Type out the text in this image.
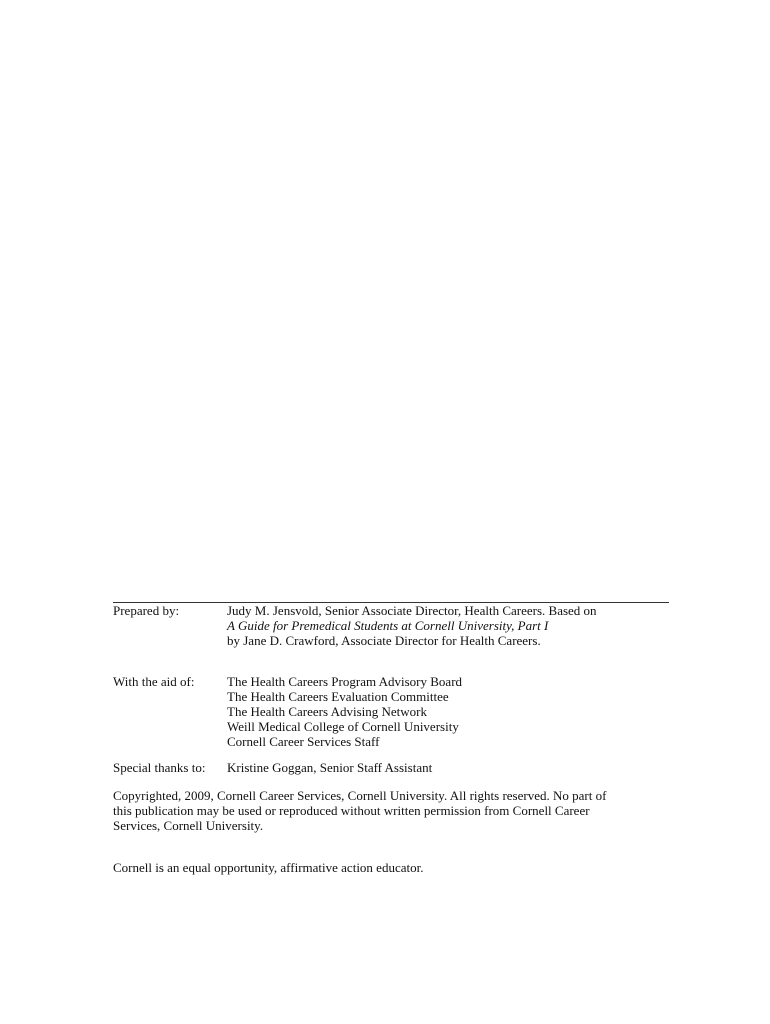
Prepared by:	Judy M. Jensvold, Senior Associate Director, Health Careers. Based on
A Guide for Premedical Students at Cornell University, Part I
by Jane D. Crawford, Associate Director for Health Careers.
With the aid of:	The Health Careers Program Advisory Board
The Health Careers Evaluation Committee
The Health Careers Advising Network
Weill Medical College of Cornell University
Cornell Career Services Staff
Special thanks to: Kristine Goggan, Senior Staff Assistant
Copyrighted, 2009, Cornell Career Services, Cornell University. All rights reserved. No part of
this publication may be used or reproduced without written permission from Cornell Career
Services, Cornell University.
Cornell is an equal opportunity, affirmative action educator.
